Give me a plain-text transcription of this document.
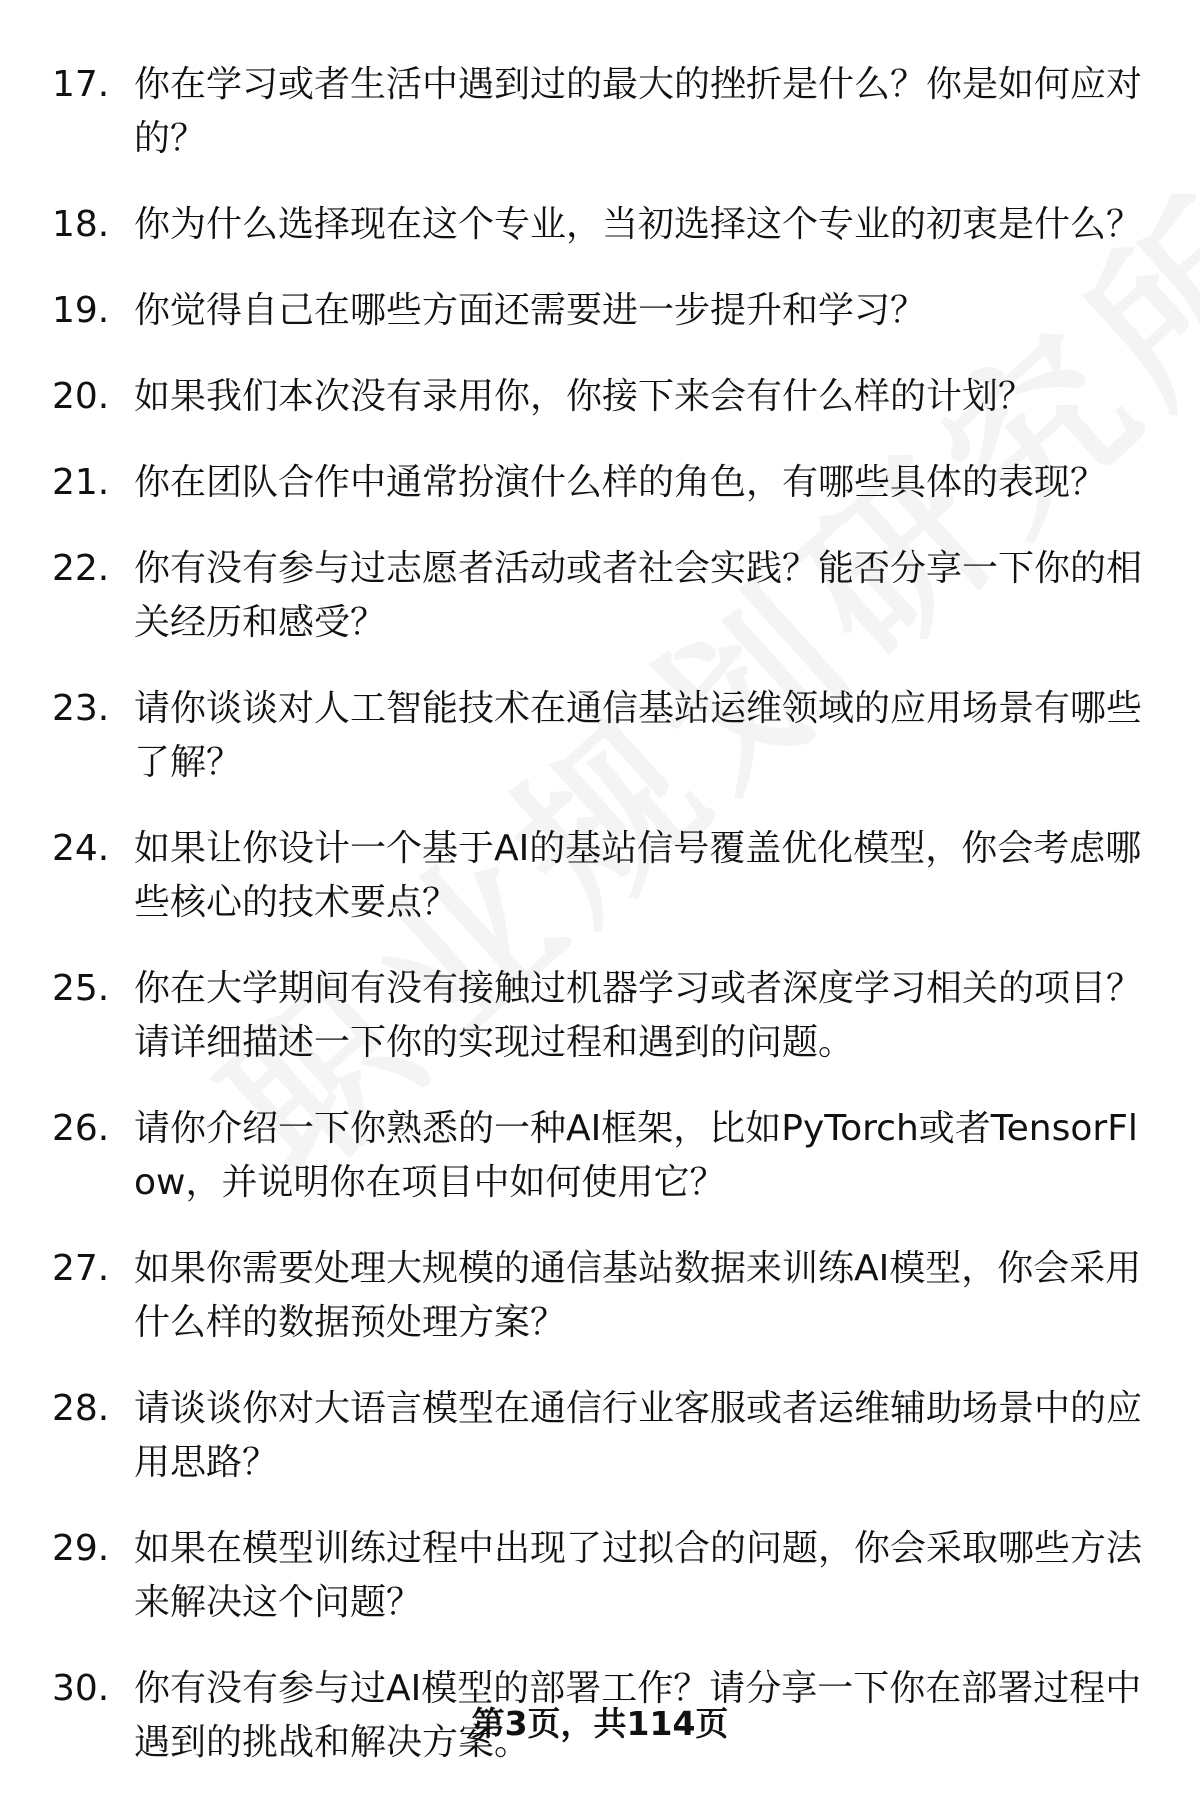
17. 你在学习或者生活中遇到过的最大的挫折是什么？你是如何应对的？
18. 你为什么选择现在这个专业，当初选择这个专业的初衷是什么？
19. 你觉得自己在哪些方面还需要进一步提升和学习？
20. 如果我们本次没有录用你，你接下来会有什么样的计划？
21. 你在团队合作中通常扮演什么样的角色，有哪些具体的表现？
22. 你有没有参与过志愿者活动或者社会实践？能否分享一下你的相关经历和感受？
23. 请你谈谈对人工智能技术在通信基站运维领域的应用场景有哪些了解？
24. 如果让你设计一个基于AI的基站信号覆盖优化模型，你会考虑哪些核心的技术要点？
25. 你在大学期间有没有接触过机器学习或者深度学习相关的项目？请详细描述一下你的实现过程和遇到的问题。
26. 请你介绍一下你熟悉的一种AI框架，比如PyTorch或者TensorFlow，并说明你在项目中如何使用它？
27. 如果你需要处理大规模的通信基站数据来训练AI模型，你会采用什么样的数据预处理方案？
28. 请谈谈你对大语言模型在通信行业客服或者运维辅助场景中的应用思路？
29. 如果在模型训练过程中出现了过拟合的问题，你会采取哪些方法来解决这个问题？
30. 你有没有参与过AI模型的部署工作？请分享一下你在部署过程中遇到的挑战和解决方案。
第3页，共114页
